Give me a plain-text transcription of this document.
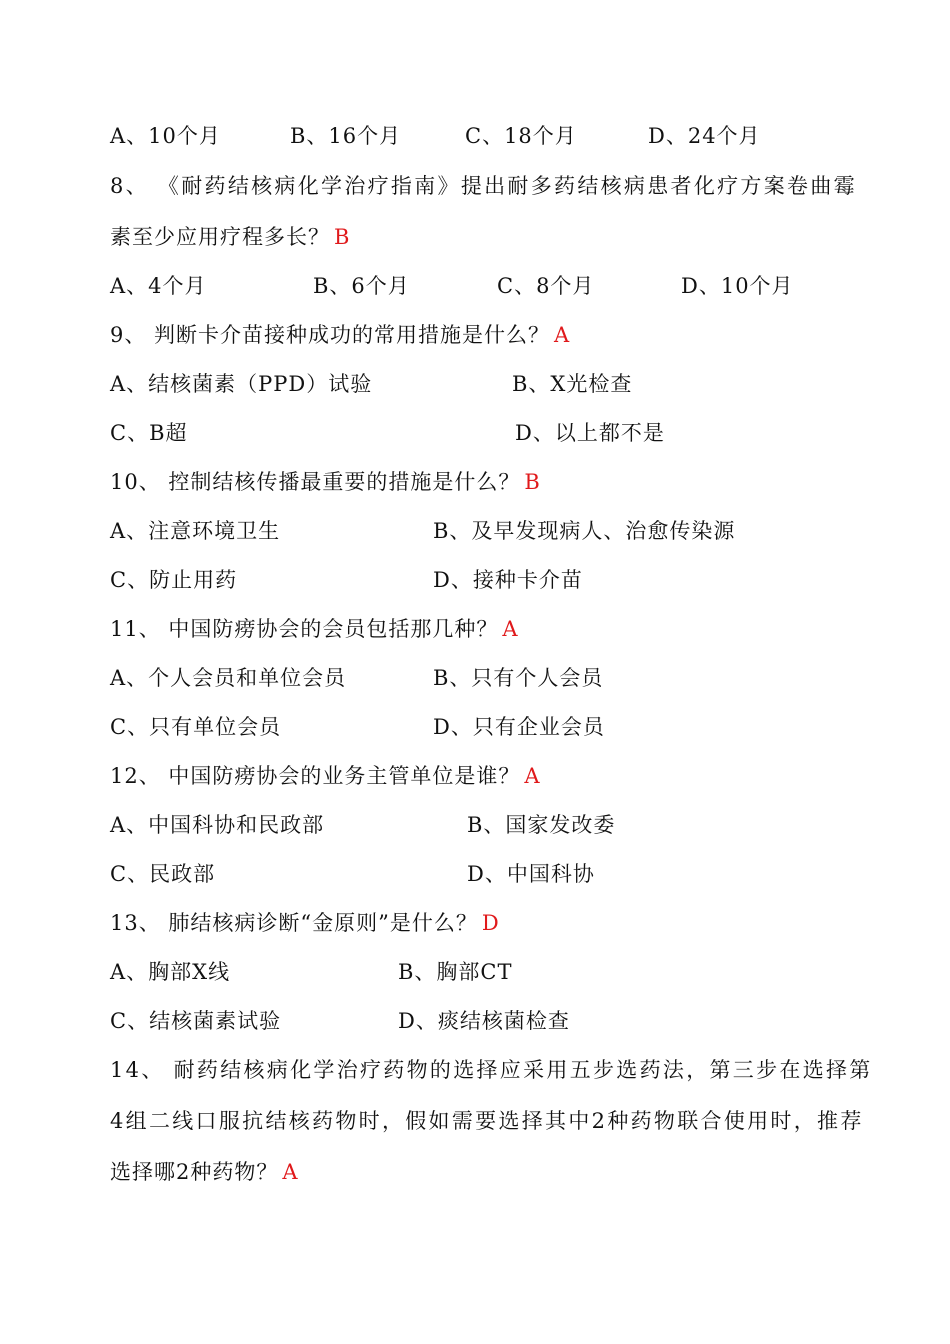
A、10个月	B、16个月	C、18个月	D、24个月
8、 《耐药结核病化学治疗指南》提出耐多药结核病患者化疗方案卷曲霉
素至少应用疗程多长？ B
A、4个月	B、6个月	C、8个月	D、10个月
9、 判断卡介苗接种成功的常用措施是什么？ A
A、结核菌素（PPD）试验	B、X光检查
C、B超	D、以上都不是
10、 控制结核传播最重要的措施是什么？ B
A、注意环境卫生	B、及早发现病人、治愈传染源
C、防止用药	D、接种卡介苗
11、 中国防痨协会的会员包括那几种？ A
A、个人会员和单位会员	B、只有个人会员
C、只有单位会员	D、只有企业会员
12、 中国防痨协会的业务主管单位是谁？ A
A、中国科协和民政部	B、国家发改委
C、民政部	D、中国科协
13、 肺结核病诊断“金原则”是什么？ D
A、胸部X线	B、胸部CT
C、结核菌素试验	D、痰结核菌检查
14、 耐药结核病化学治疗药物的选择应采用五步选药法，第三步在选择第
4组二线口服抗结核药物时，假如需要选择其中2种药物联合使用时，推荐
选择哪2种药物？ A
